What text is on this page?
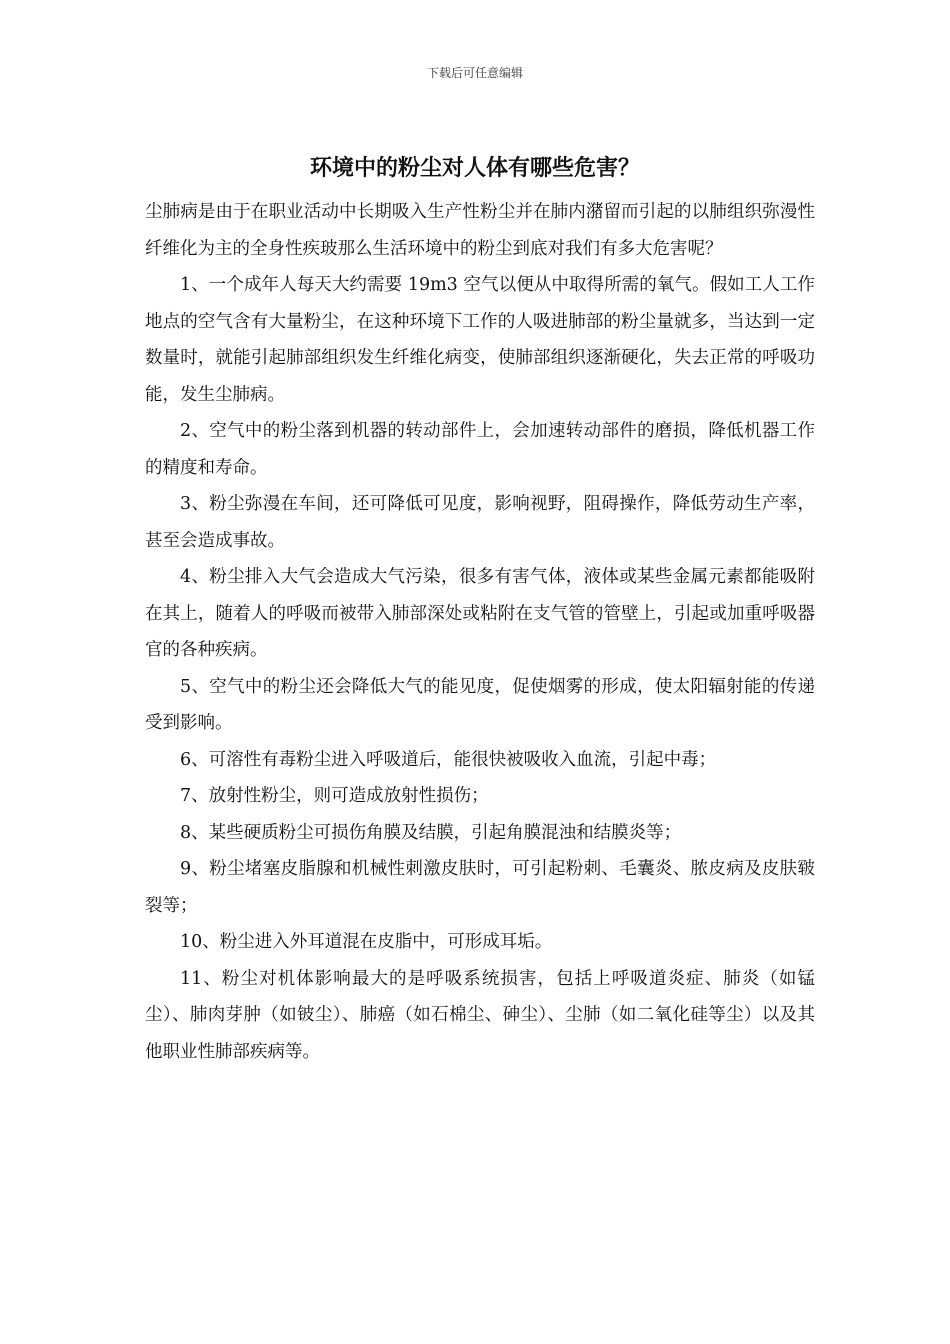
下载后可任意编辑
环境中的粉尘对人体有哪些危害？

尘肺病是由于在职业活动中长期吸入生产性粉尘并在肺内潴留而引起的以肺组织弥漫性纤维化为主的全身性疾玻那么生活环境中的粉尘到底对我们有多大危害呢？

1、一个成年人每天大约需要 19m3 空气以便从中取得所需的氧气。假如工人工作地点的空气含有大量粉尘，在这种环境下工作的人吸进肺部的粉尘量就多，当达到一定数量时，就能引起肺部组织发生纤维化病变，使肺部组织逐渐硬化，失去正常的呼吸功能，发生尘肺病。

2、空气中的粉尘落到机器的转动部件上，会加速转动部件的磨损，降低机器工作的精度和寿命。

3、粉尘弥漫在车间，还可降低可见度，影响视野，阻碍操作，降低劳动生产率，甚至会造成事故。

4、粉尘排入大气会造成大气污染，很多有害气体，液体或某些金属元素都能吸附在其上，随着人的呼吸而被带入肺部深处或粘附在支气管的管壁上，引起或加重呼吸器官的各种疾病。

5、空气中的粉尘还会降低大气的能见度，促使烟雾的形成，使太阳辐射能的传递受到影响。

6、可溶性有毒粉尘进入呼吸道后，能很快被吸收入血流，引起中毒；

7、放射性粉尘，则可造成放射性损伤；

8、某些硬质粉尘可损伤角膜及结膜，引起角膜混浊和结膜炎等；

9、粉尘堵塞皮脂腺和机械性刺激皮肤时，可引起粉刺、毛囊炎、脓皮病及皮肤皲裂等；

10、粉尘进入外耳道混在皮脂中，可形成耳垢。

11、粉尘对机体影响最大的是呼吸系统损害，包括上呼吸道炎症、肺炎（如锰尘）、肺肉芽肿（如铍尘）、肺癌（如石棉尘、砷尘）、尘肺（如二氧化硅等尘）以及其他职业性肺部疾病等。
